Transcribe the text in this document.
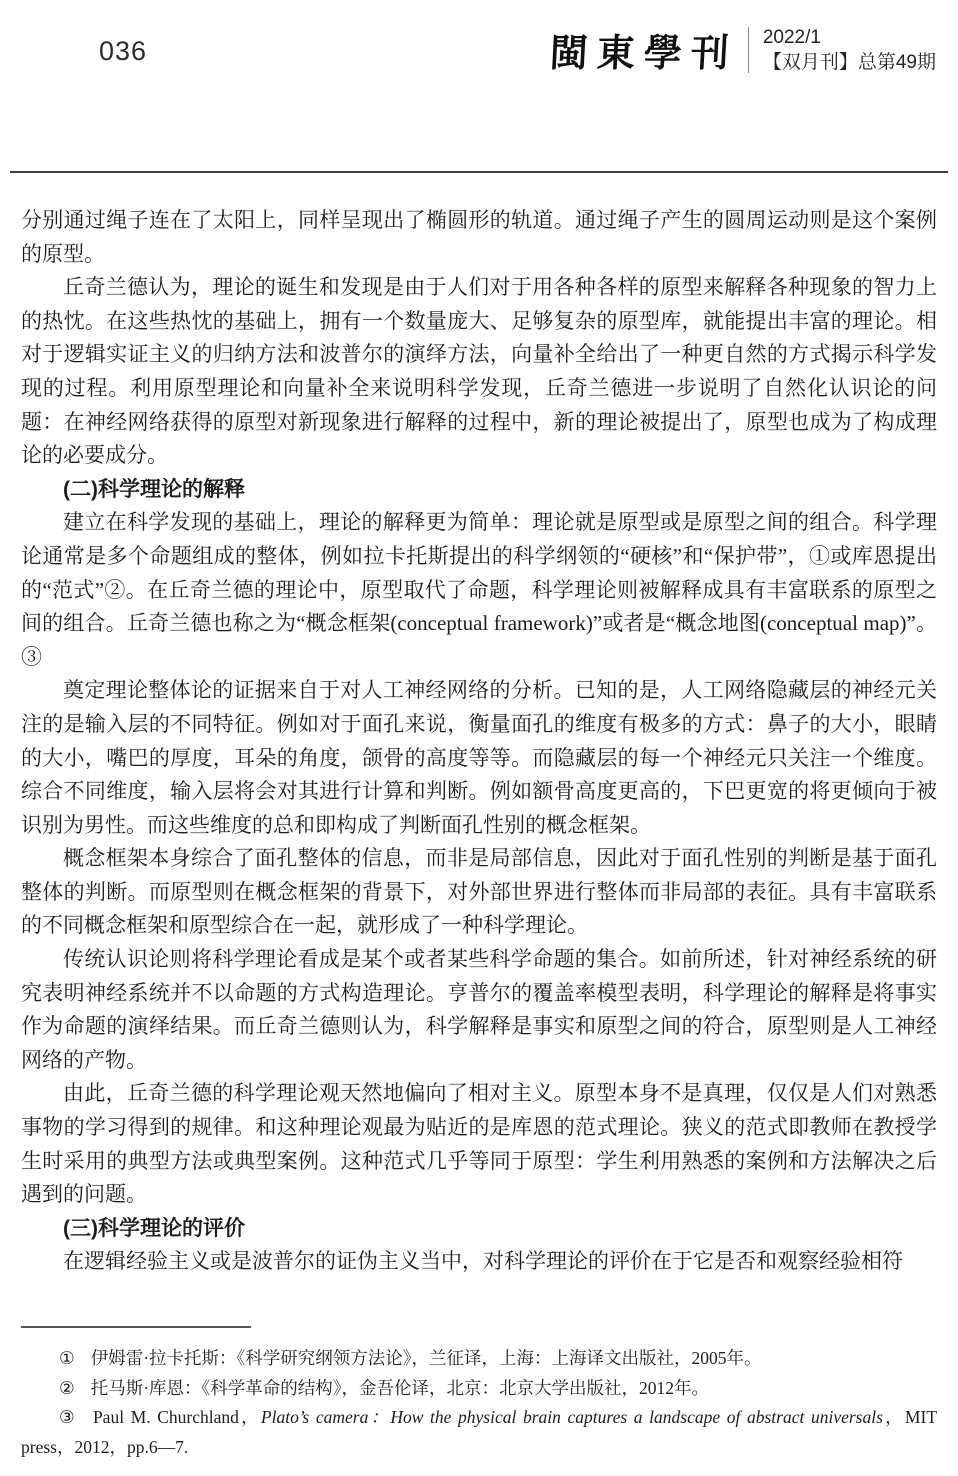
036	閩東學刊 2022/1
【双月刊】总第49期

分别通过绳子连在了太阳上，同样呈现出了椭圆形的轨道。通过绳子产生的圆周运动则是这个案例的原型。

丘奇兰德认为，理论的诞生和发现是由于人们对于用各种各样的原型来解释各种现象的智力上的热忱。在这些热忱的基础上，拥有一个数量庞大、足够复杂的原型库，就能提出丰富的理论。相对于逻辑实证主义的归纳方法和波普尔的演绎方法，向量补全给出了一种更自然的方式揭示科学发现的过程。利用原型理论和向量补全来说明科学发现，丘奇兰德进一步说明了自然化认识论的问题：在神经网络获得的原型对新现象进行解释的过程中，新的理论被提出了，原型也成为了构成理论的必要成分。

(二)科学理论的解释

建立在科学发现的基础上，理论的解释更为简单：理论就是原型或是原型之间的组合。科学理论通常是多个命题组成的整体，例如拉卡托斯提出的科学纲领的“硬核”和“保护带”，①或库恩提出的“范式”②。在丘奇兰德的理论中，原型取代了命题，科学理论则被解释成具有丰富联系的原型之间的组合。丘奇兰德也称之为“概念框架(conceptual framework)”或者是“概念地图(conceptual map)”。③

奠定理论整体论的证据来自于对人工神经网络的分析。已知的是，人工网络隐藏层的神经元关注的是输入层的不同特征。例如对于面孔来说，衡量面孔的维度有极多的方式：鼻子的大小，眼睛的大小，嘴巴的厚度，耳朵的角度，颌骨的高度等等。而隐藏层的每一个神经元只关注一个维度。综合不同维度，输入层将会对其进行计算和判断。例如额骨高度更高的，下巴更宽的将更倾向于被识别为男性。而这些维度的总和即构成了判断面孔性别的概念框架。

概念框架本身综合了面孔整体的信息，而非是局部信息，因此对于面孔性别的判断是基于面孔整体的判断。而原型则在概念框架的背景下，对外部世界进行整体而非局部的表征。具有丰富联系的不同概念框架和原型综合在一起，就形成了一种科学理论。

传统认识论则将科学理论看成是某个或者某些科学命题的集合。如前所述，针对神经系统的研究表明神经系统并不以命题的方式构造理论。亨普尔的覆盖率模型表明，科学理论的解释是将事实作为命题的演绎结果。而丘奇兰德则认为，科学解释是事实和原型之间的符合，原型则是人工神经网络的产物。

由此，丘奇兰德的科学理论观天然地偏向了相对主义。原型本身不是真理，仅仅是人们对熟悉事物的学习得到的规律。和这种理论观最为贴近的是库恩的范式理论。狭义的范式即教师在教授学生时采用的典型方法或典型案例。这种范式几乎等同于原型：学生利用熟悉的案例和方法解决之后遇到的问题。

(三)科学理论的评价

在逻辑经验主义或是波普尔的证伪主义当中，对科学理论的评价在于它是否和观察经验相符

① 伊姆雷·拉卡托斯：《科学研究纲领方法论》，兰征译，上海：上海译文出版社，2005年。
② 托马斯·库恩：《科学革命的结构》，金吾伦译，北京：北京大学出版社，2012年。
③ Paul M. Churchland，Plato’s camera：How the physical brain captures a landscape of abstract universals，MIT press，2012，pp.6—7.
